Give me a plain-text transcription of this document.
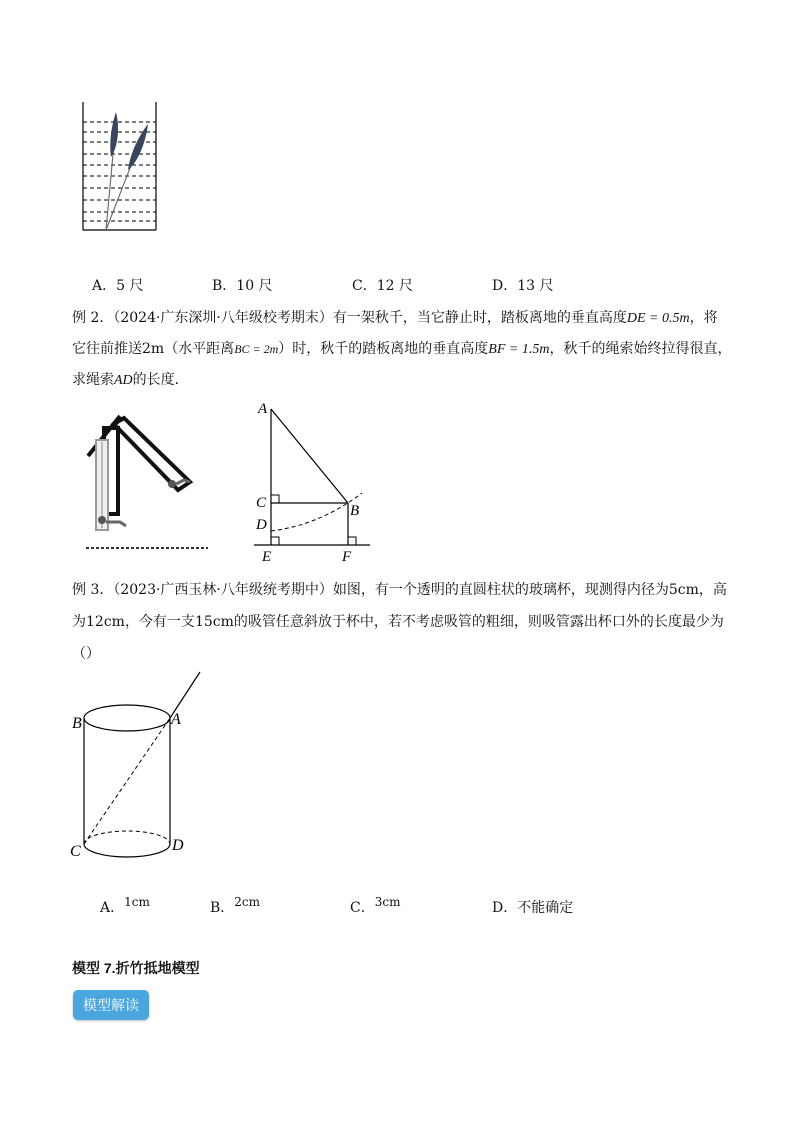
A．5 尺	B．10 尺	C．12 尺	D．13 尺
例 2．（2024·广东深圳·八年级校考期末）有一架秋千，当它静止时，踏板离地的垂直高度DE = 0.5m，将
它往前推送2m（水平距离BC = 2m）时，秋千的踏板离地的垂直高度BF = 1.5m，秋千的绳索始终拉得很直，
求绳索AD的长度．
A
B
C
D
E	F
例 3．（2023·广西玉林·八年级统考期中）如图，有一个透明的直圆柱状的玻璃杯，现测得内径为5cm，高
为12cm，今有一支15cm的吸管任意斜放于杯中，若不考虑吸管的粗细，则吸管露出杯口外的长度最少为
（）
B	A
C	D
A．1cm	B．2cm	C．3cm	D．不能确定
模型 7.折竹抵地模型
模型解读
